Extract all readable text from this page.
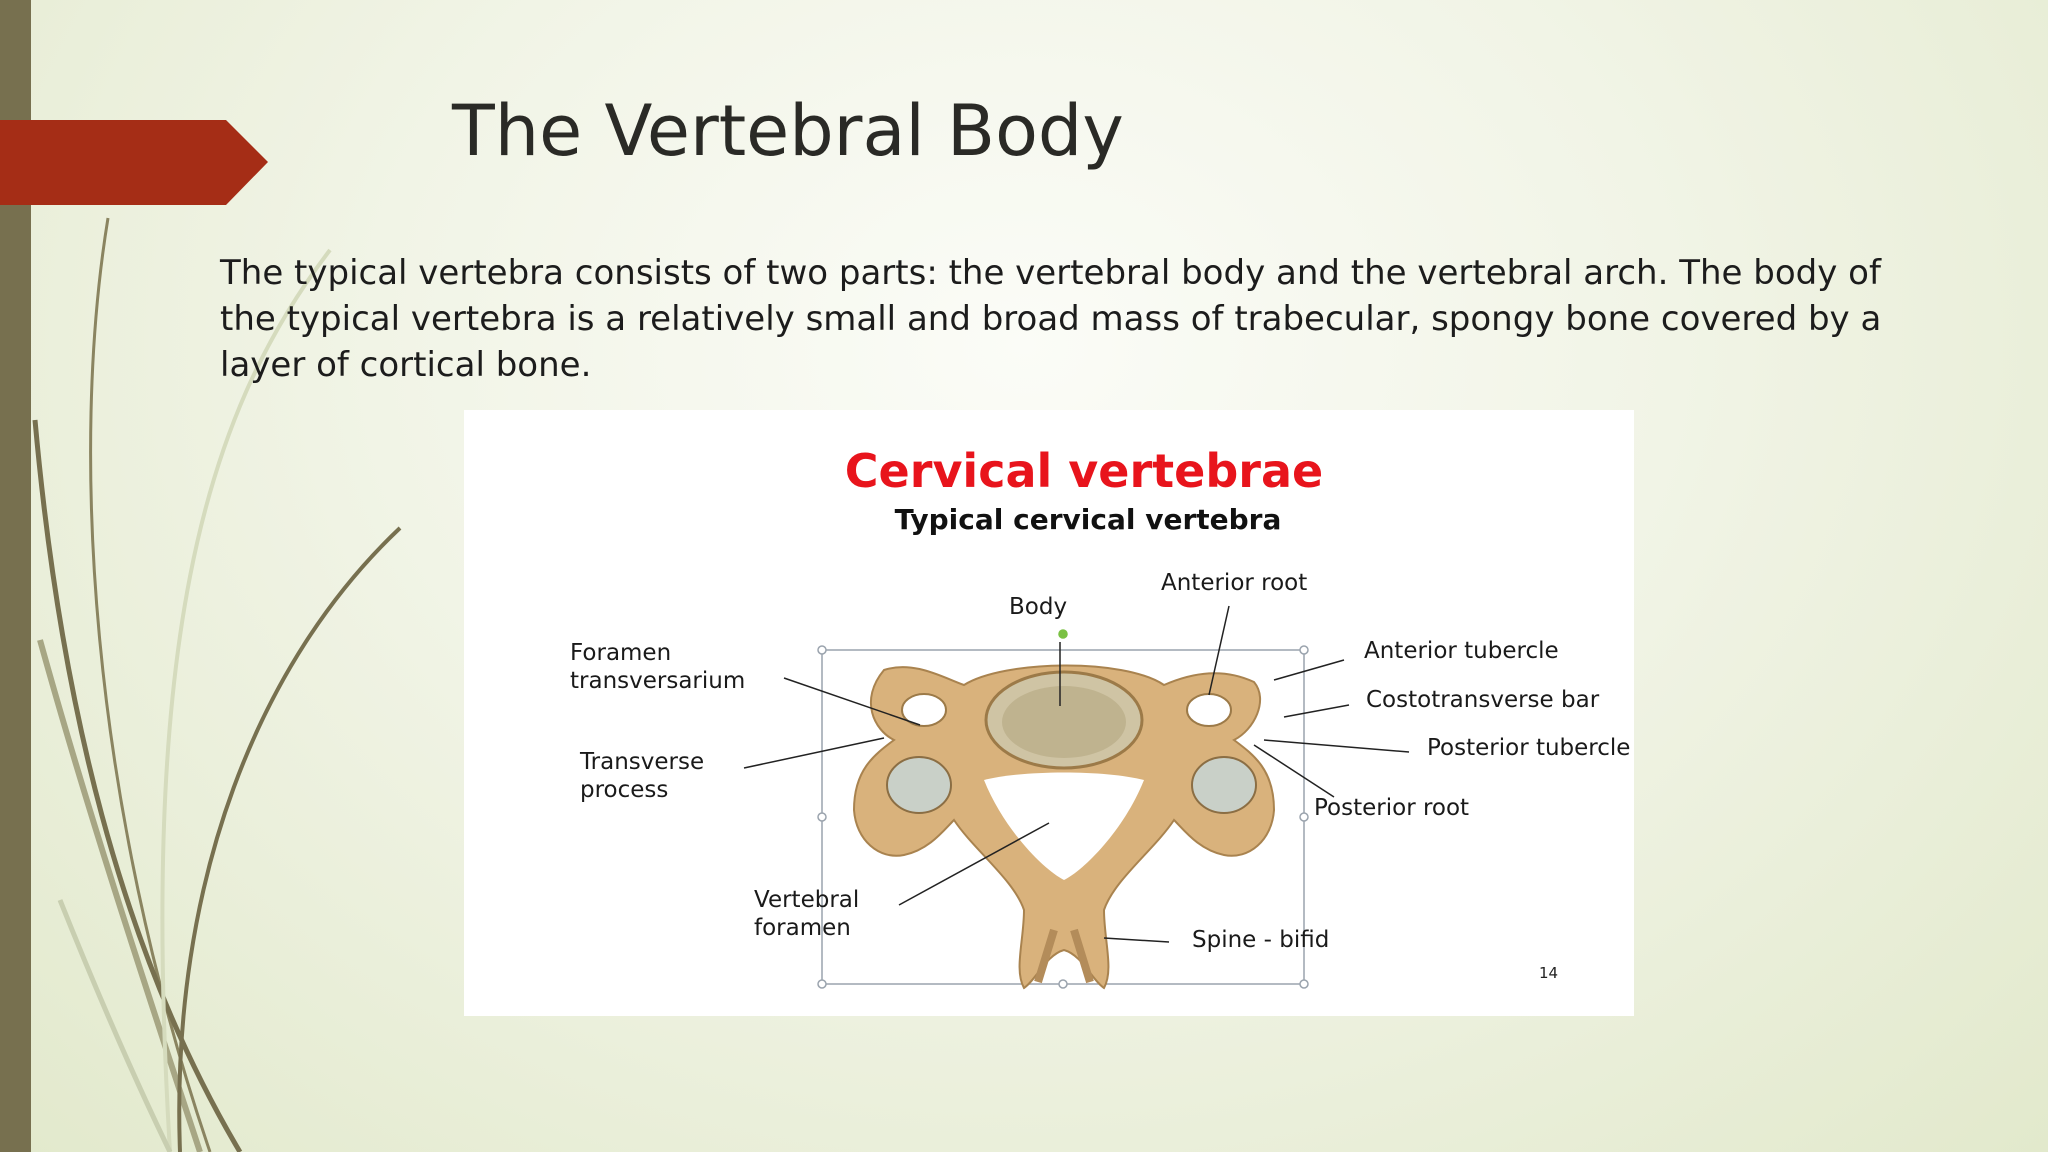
The Vertebral Body
The typical vertebra consists of two parts: the vertebral body and the vertebral arch. The body of the typical vertebra is a relatively small and broad mass of trabecular, spongy bone covered by a layer of cortical bone.
Cervical vertebrae
Typical cervical vertebra
Body
Anterior root
Anterior tubercle
Costotransverse bar
Posterior tubercle
Posterior root
Spine - bifid
Foramen
transversarium
Transverse
process
Vertebral
foramen
14
